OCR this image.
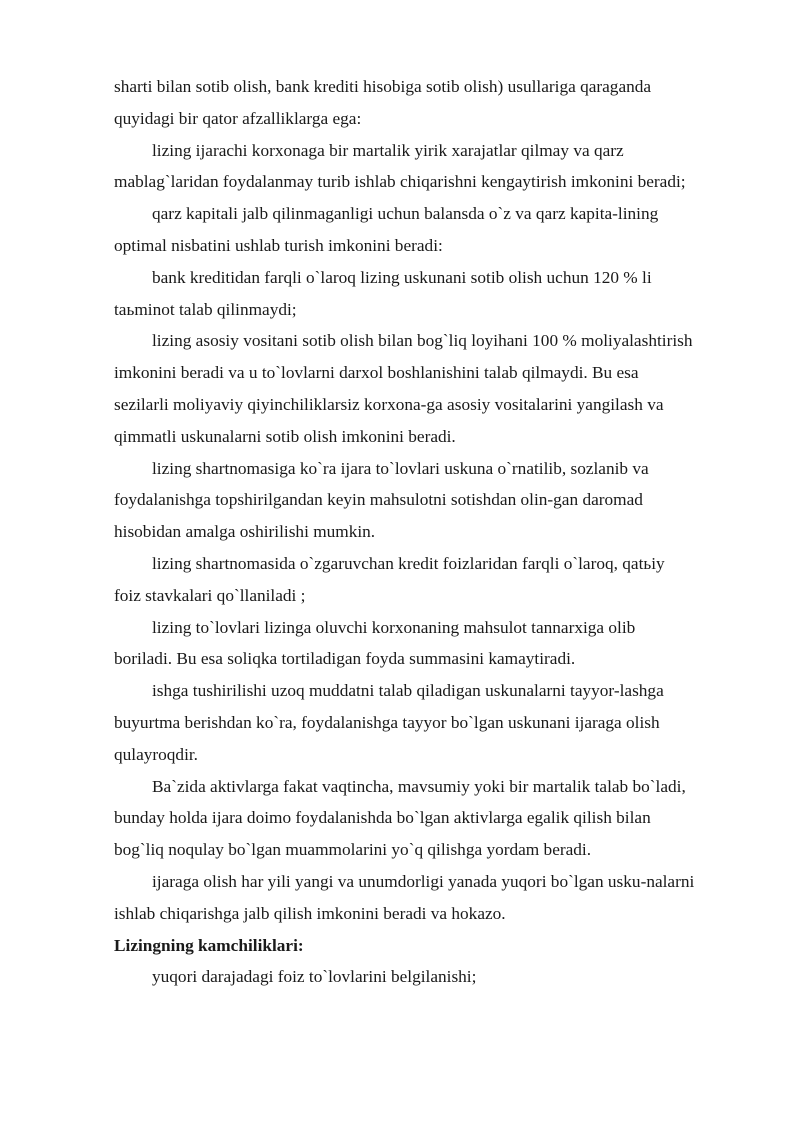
sharti bilan sotib olish, bank krediti hisobiga sotib olish) usullariga qaraganda
quyidagi bir qator afzalliklarga ega:
lizing ijarachi korxonaga bir martalik yirik xarajatlar qilmay va qarz
mablag`laridan foydalanmay turib ishlab chiqarishni kengaytirish imkonini beradi;
qarz kapitali jalb qilinmaganligi uchun balansda o`z va qarz kapita-lining
optimal nisbatini ushlab turish imkonini beradi:
bank kreditidan farqli o`laroq lizing uskunani sotib olish uchun 120 % li
taьminot talab qilinmaydi;
lizing asosiy vositani sotib olish bilan bog`liq loyihani 100 % moliyalashtirish
imkonini beradi va u to`lovlarni darxol boshlanishini talab qilmaydi. Bu esa
sezilarli moliyaviy qiyinchiliklarsiz korxona-ga asosiy vositalarini yangilash va
qimmatli uskunalarni sotib olish imkonini beradi.
lizing shartnomasiga ko`ra ijara to`lovlari uskuna o`rnatilib, sozlanib va
foydalanishga topshirilgandan keyin mahsulotni sotishdan olin-gan daromad
hisobidan amalga oshirilishi mumkin.
lizing shartnomasida o`zgaruvchan kredit foizlaridan farqli o`laroq, qatьiy
foiz stavkalari qo`llaniladi ;
lizing to`lovlari lizinga oluvchi korxonaning mahsulot tannarxiga olib
boriladi. Bu esa soliqka tortiladigan foyda summasini kamaytiradi.
ishga tushirilishi uzoq muddatni talab qiladigan uskunalarni tayyor-lashga
buyurtma berishdan ko`ra, foydalanishga tayyor bo`lgan uskunani ijaraga olish
qulayroqdir.
Ba`zida aktivlarga fakat vaqtincha, mavsumiy yoki bir martalik talab bo`ladi,
bunday holda ijara doimo foydalanishda bo`lgan aktivlarga egalik qilish bilan
bog`liq noqulay bo`lgan muammolarini yo`q qilishga yordam beradi.
ijaraga olish har yili yangi va unumdorligi yanada yuqori bo`lgan usku-nalarni
ishlab chiqarishga jalb qilish imkonini beradi va hokazo.
Lizingning kamchiliklari:
yuqori darajadagi foiz to`lovlarini belgilanishi;
